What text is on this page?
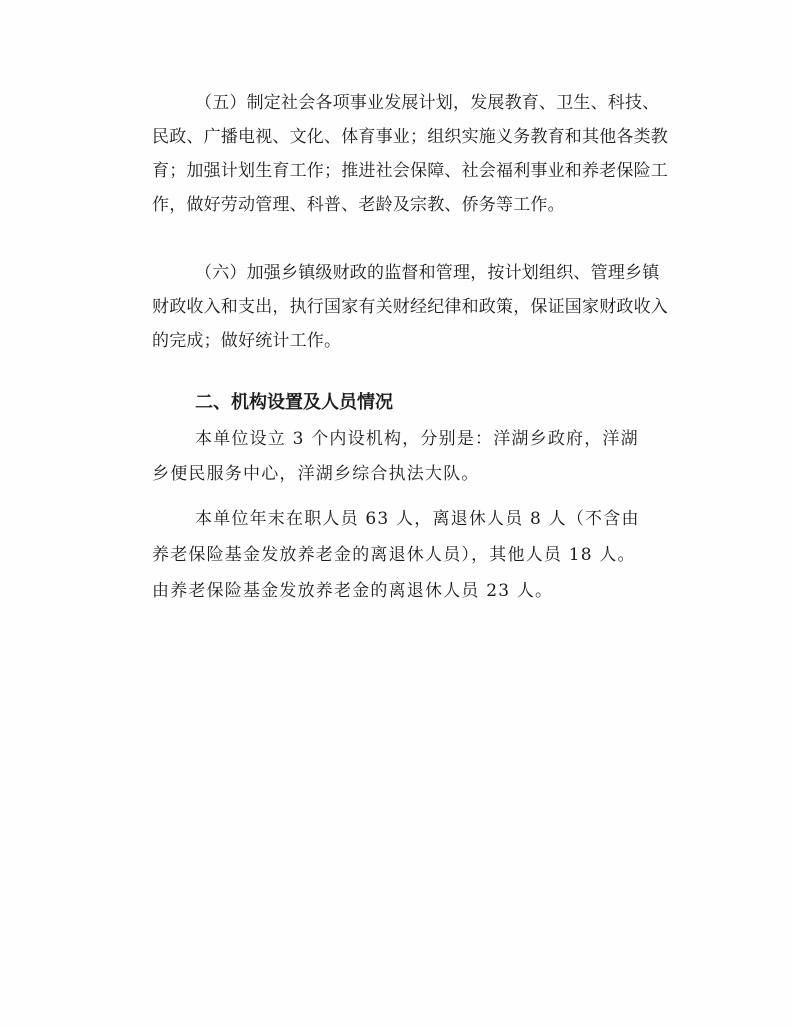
（五）制定社会各项事业发展计划，发展教育、卫生、科技、
民政、广播电视、文化、体育事业；组织实施义务教育和其他各类教
育；加强计划生育工作；推进社会保障、社会福利事业和养老保险工
作，做好劳动管理、科普、老龄及宗教、侨务等工作。
（六）加强乡镇级财政的监督和管理，按计划组织、管理乡镇
财政收入和支出，执行国家有关财经纪律和政策，保证国家财政收入
的完成；做好统计工作。
二、机构设置及人员情况
本单位设立 3 个内设机构，分别是：洋湖乡政府，洋湖
乡便民服务中心，洋湖乡综合执法大队。
本单位年末在职人员 63 人，离退休人员 8 人（不含由
养老保险基金发放养老金的离退休人员），其他人员 18 人。
由养老保险基金发放养老金的离退休人员 23 人。
